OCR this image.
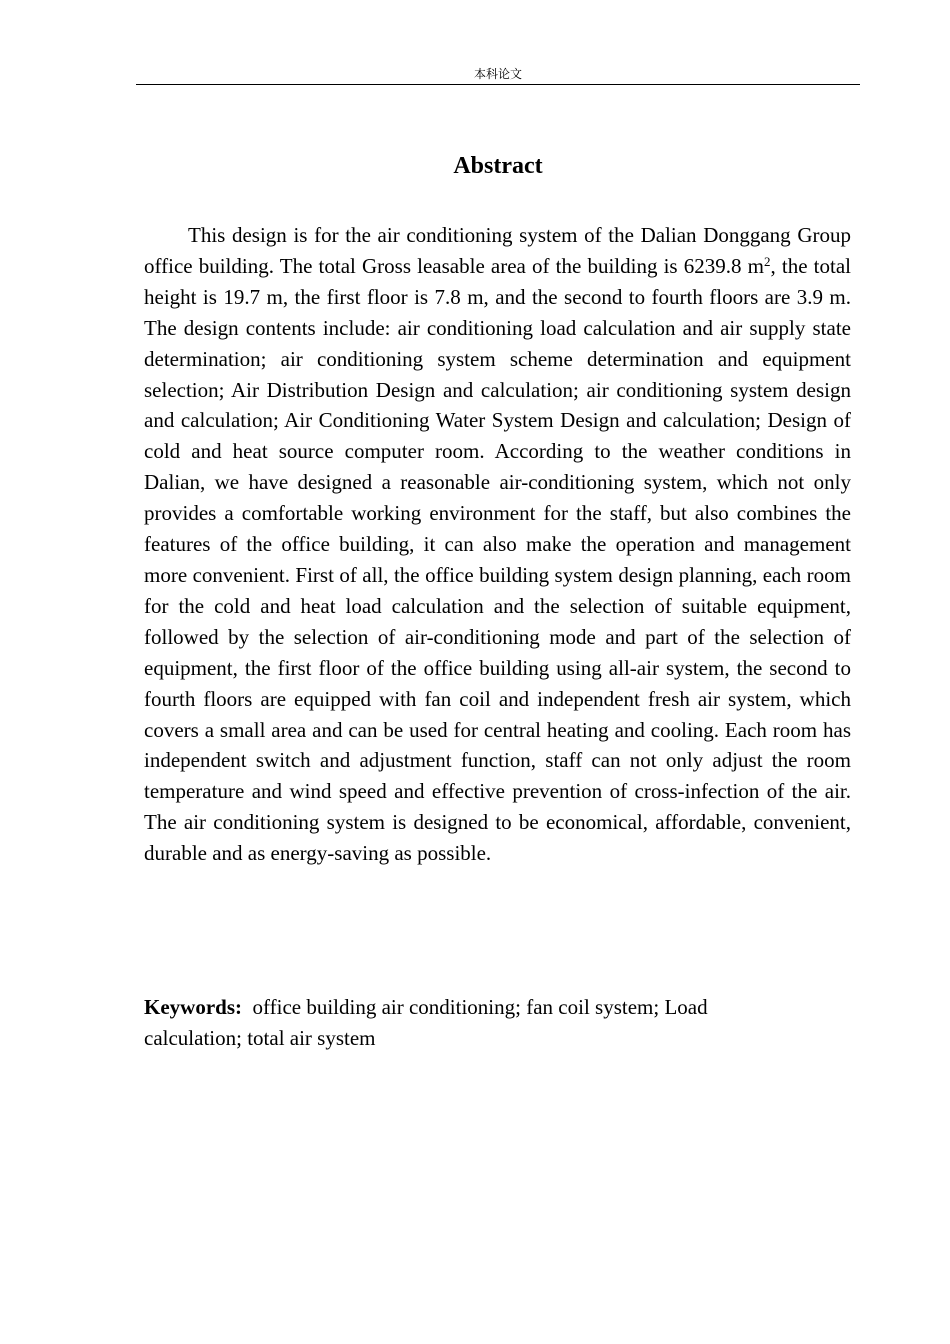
本科论文
Abstract

This design is for the air conditioning system of the Dalian Donggang Group office building. The total Gross leasable area of the building is 6239.8 $m^2$, the total height is 19.7 m, the first floor is 7.8 m, and the second to fourth floors are 3.9 m. The design contents include: air conditioning load calculation and air supply state determination; air conditioning system scheme determination and equipment selection; Air Distribution Design and calculation; air conditioning system design and calculation; Air Conditioning Water System Design and calculation; Design of cold and heat source computer room. According to the weather conditions in Dalian, we have designed a reasonable air-conditioning system, which not only provides a comfortable working environment for the staff, but also combines the features of the office building, it can also make the operation and management more convenient. First of all, the office building system design planning, each room for the cold and heat load calculation and the selection of suitable equipment, followed by the selection of air-conditioning mode and part of the selection of equipment, the first floor of the office building using all-air system, the second to fourth floors are equipped with fan coil and independent fresh air system, which covers a small area and can be used for central heating and cooling. Each room has independent switch and adjustment function, staff can not only adjust the room temperature and wind speed and effective prevention of cross-infection of the air. The air conditioning system is designed to be economical, affordable, convenient, durable and as energy-saving as possible.

Keywords: office building air conditioning; fan coil system; Load calculation; total air system
